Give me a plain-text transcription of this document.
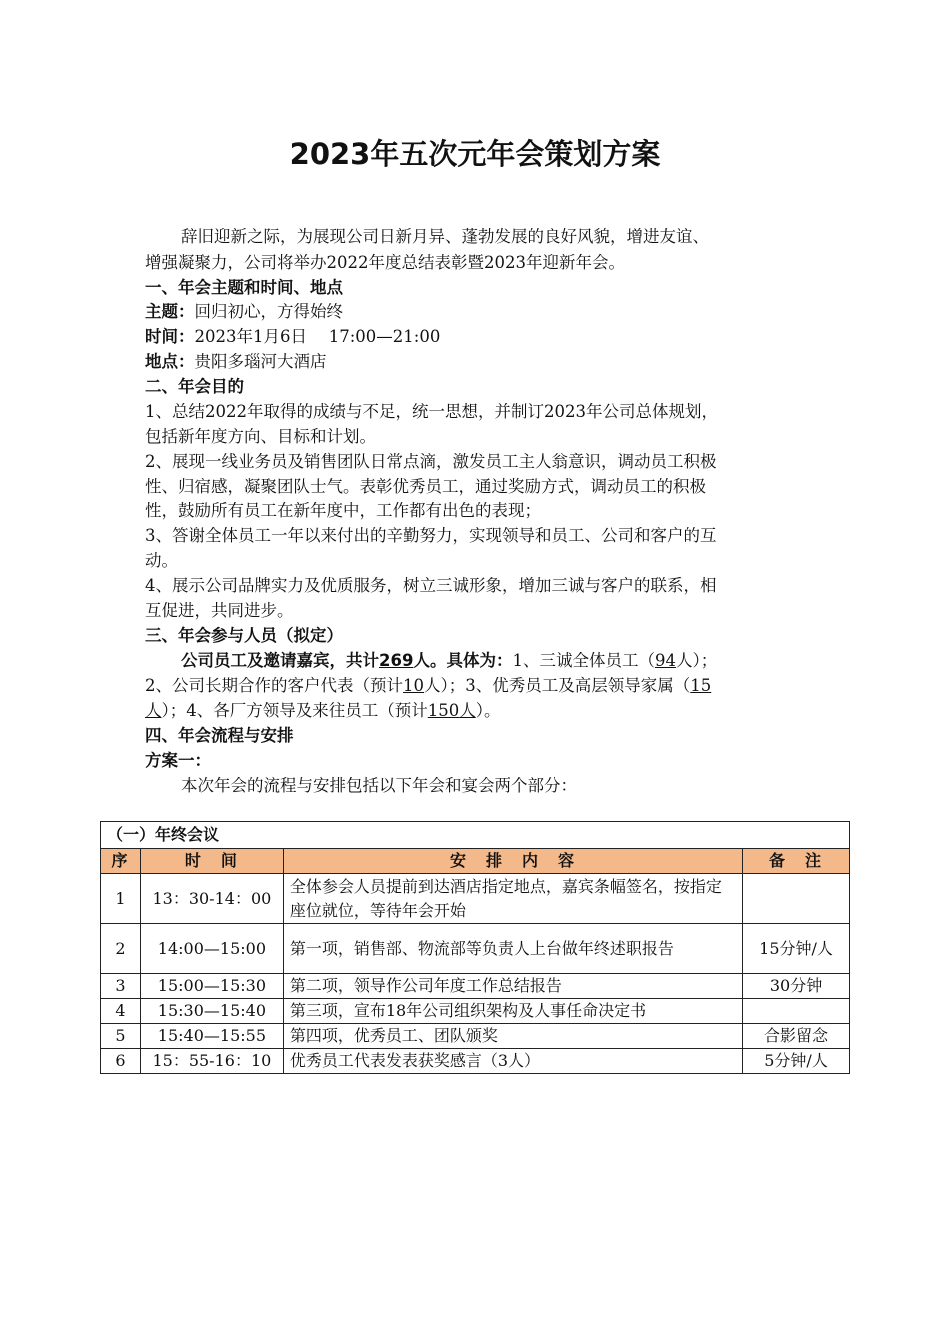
2023年五次元年会策划方案
辞旧迎新之际，为展现公司日新月异、蓬勃发展的良好风貌，增进友谊、
增强凝聚力，公司将举办2022年度总结表彰暨2023年迎新年会。
一、年会主题和时间、地点
主题：回归初心，方得始终
时间：2023年1月6日　 17:00—21:00
地点：贵阳多瑙河大酒店
二、年会目的
1、总结2022年取得的成绩与不足，统一思想，并制订2023年公司总体规划，
包括新年度方向、目标和计划。
2、展现一线业务员及销售团队日常点滴，激发员工主人翁意识，调动员工积极
性、归宿感，凝聚团队士气。表彰优秀员工，通过奖励方式，调动员工的积极
性，鼓励所有员工在新年度中，工作都有出色的表现；
3、答谢全体员工一年以来付出的辛勤努力，实现领导和员工、公司和客户的互
动。
4、展示公司品牌实力及优质服务，树立三诚形象，增加三诚与客户的联系，相
互促进，共同进步。
三、年会参与人员（拟定）
公司员工及邀请嘉宾，共计269人。具体为：1、三诚全体员工（94人）；
2、公司长期合作的客户代表（预计10人）；3、优秀员工及高层领导家属（15
人）；4、各厂方领导及来往员工（预计150人）。
四、年会流程与安排
方案一：
本次年会的流程与安排包括以下年会和宴会两个部分：
（一）年终会议			
序	时　间	安　排　内　容	备　注
1	13：30-14：00	全体参会人员提前到达酒店指定地点，嘉宾条幅签名，按指定座位就位，等待年会开始	
2	14:00—15:00	第一项，销售部、物流部等负责人上台做年终述职报告	15分钟/人
3	15:00—15:30	第二项，领导作公司年度工作总结报告	30分钟
4	15:30—15:40	第三项，宣布18年公司组织架构及人事任命决定书	
5	15:40—15:55	第四项，优秀员工、团队颁奖	合影留念
6	15：55-16：10	优秀员工代表发表获奖感言（3人）	5分钟/人
